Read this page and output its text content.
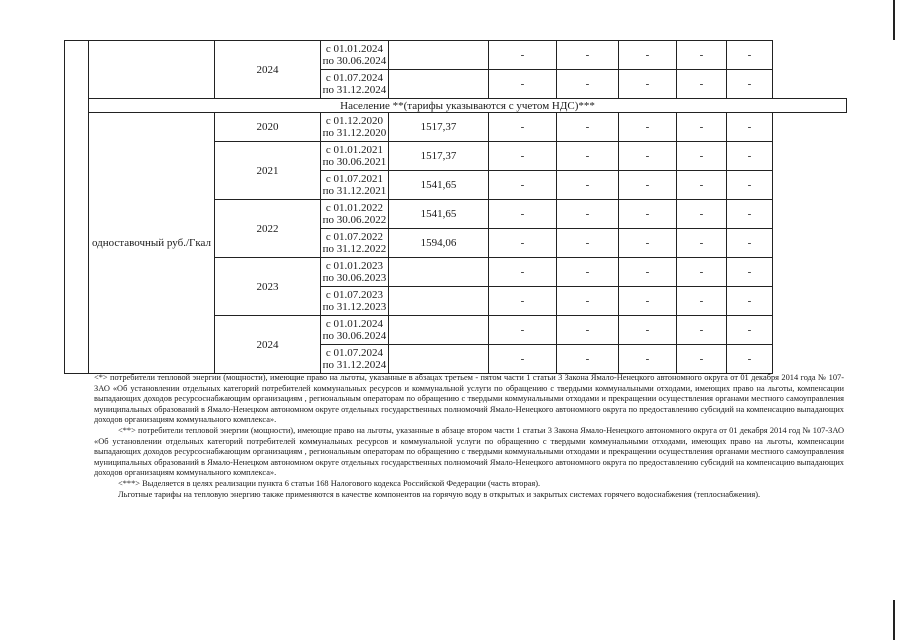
		2024	с 01.01.2024
по 30.06.2024		-	-	-	-	-

			с 01.07.2024
по 31.12.2024		-	-	-	-	-
	Население **(тарифы указываются с учетом НДС)***								
	одноставочный руб./Гкал	2020	с 01.12.2020
по 31.12.2020	1517,37	-	-	-	-	-
		2021	с 01.01.2021
по 30.06.2021	1517,37	-	-	-	-	-

			с 01.07.2021
по 31.12.2021	1541,65	-	-	-	-	-
		2022	с 01.01.2022
по 30.06.2022	1541,65	-	-	-	-	-

			с 01.07.2022
по 31.12.2022	1594,06	-	-	-	-	-
		2023	с 01.01.2023
по 30.06.2023		-	-	-	-	-

			с 01.07.2023
по 31.12.2023		-	-	-	-	-
		2024	с 01.01.2024
по 30.06.2024		-	-	-	-	-

			с 01.07.2024
по 31.12.2024		-	-	-	-	-

<*> потребители тепловой энергии (мощности), имеющие право на льготы, указанные в абзацах третьем - пятом части 1 статьи 3 Закона Ямало-Ненецкого автономного округа от 01 декабря 2014 года № 107-ЗАО «Об установлении отдельных категорий потребителей коммунальных ресурсов и коммунальной услуги по обращению с твердыми коммунальными отходами, имеющих право на льготы, компенсации выпадающих доходов ресурсоснабжающим организациям , региональным операторам по обращению с твердыми коммунальными отходами и прекращении осуществления органами местного самоуправления муниципальных образований в Ямало-Ненецком автономном округе отдельных государственных полномочий Ямало-Ненецкого автономного округа по предоставлению субсидий на компенсацию выпадающих доходов организациям коммунального комплекса».

<**> потребители тепловой энергии (мощности), имеющие право на льготы, указанные в абзаце втором части 1 статьи 3 Закона Ямало-Ненецкого автономного округа от 01 декабря 2014 год № 107-ЗАО «Об установлении отдельных категорий потребителей коммунальных ресурсов и коммунальной услуги по обращению с твердыми коммунальными отходами, имеющих право на льготы, компенсации выпадающих доходов ресурсоснабжающим организациям , региональным операторам по обращению с твердыми коммунальными отходами и прекращении осуществления органами местного самоуправления муниципальных образований в Ямало-Ненецком автономном округе отдельных государственных полномочий Ямало-Ненецкого автономного округа по предоставлению субсидий на компенсацию выпадающих доходов организациям коммунального комплекса».

<***> Выделяется в целях реализации пункта 6 статьи 168 Налогового кодекса Российской Федерации (часть вторая).

Льготные тарифы на тепловую энергию также применяются в качестве компонентов на горячую воду в открытых и закрытых системах горячего водоснабжения (теплоснабжения).
